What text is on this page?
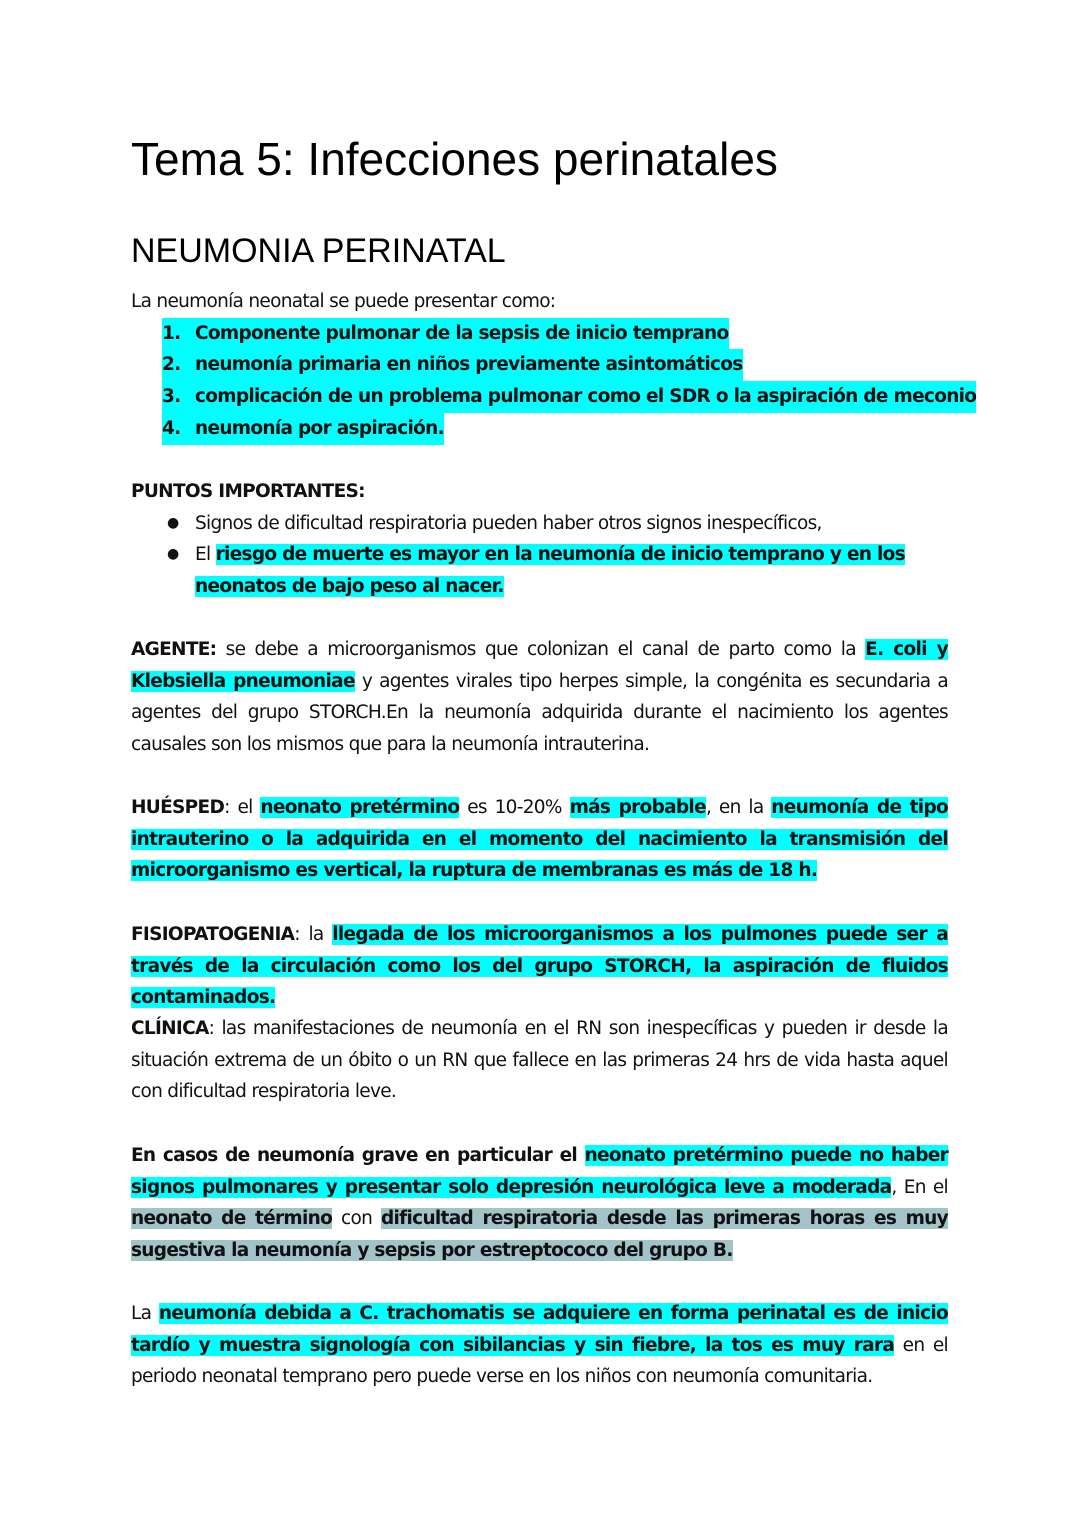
Tema 5: Infecciones perinatales
NEUMONIA PERINATAL
La neumonía neonatal se puede presentar como:
1. Componente pulmonar de la sepsis de inicio temprano
2. neumonía primaria en niños previamente asintomáticos
3. complicación de un problema pulmonar como el SDR o la aspiración de meconio
4. neumonía por aspiración.
PUNTOS IMPORTANTES:
● Signos de dificultad respiratoria pueden haber otros signos inespecíficos,
● El riesgo de muerte es mayor en la neumonía de inicio temprano y en los neonatos de bajo peso al nacer.

AGENTE: se debe a microorganismos que colonizan el canal de parto como la E. coli y Klebsiella pneumoniae y agentes virales tipo herpes simple, la congénita es secundaria a agentes del grupo STORCH.En la neumonía adquirida durante el nacimiento los agentes causales son los mismos que para la neumonía intrauterina.

HUÉSPED: el neonato pretérmino es 10-20% más probable, en la neumonía de tipo intrauterino o la adquirida en el momento del nacimiento la transmisión del microorganismo es vertical, la ruptura de membranas es más de 18 h.

FISIOPATOGENIA: la llegada de los microorganismos a los pulmones puede ser a través de la circulación como los del grupo STORCH, la aspiración de fluidos contaminados.

CLÍNICA: las manifestaciones de neumonía en el RN son inespecíficas y pueden ir desde la situación extrema de un óbito o un RN que fallece en las primeras 24 hrs de vida hasta aquel con dificultad respiratoria leve.

En casos de neumonía grave en particular el neonato pretérmino puede no haber signos pulmonares y presentar solo depresión neurológica leve a moderada, En el neonato de término con dificultad respiratoria desde las primeras horas es muy sugestiva la neumonía y sepsis por estreptococo del grupo B.

La neumonía debida a C. trachomatis se adquiere en forma perinatal es de inicio tardío y muestra signología con sibilancias y sin fiebre, la tos es muy rara en el periodo neonatal temprano pero puede verse en los niños con neumonía comunitaria.
